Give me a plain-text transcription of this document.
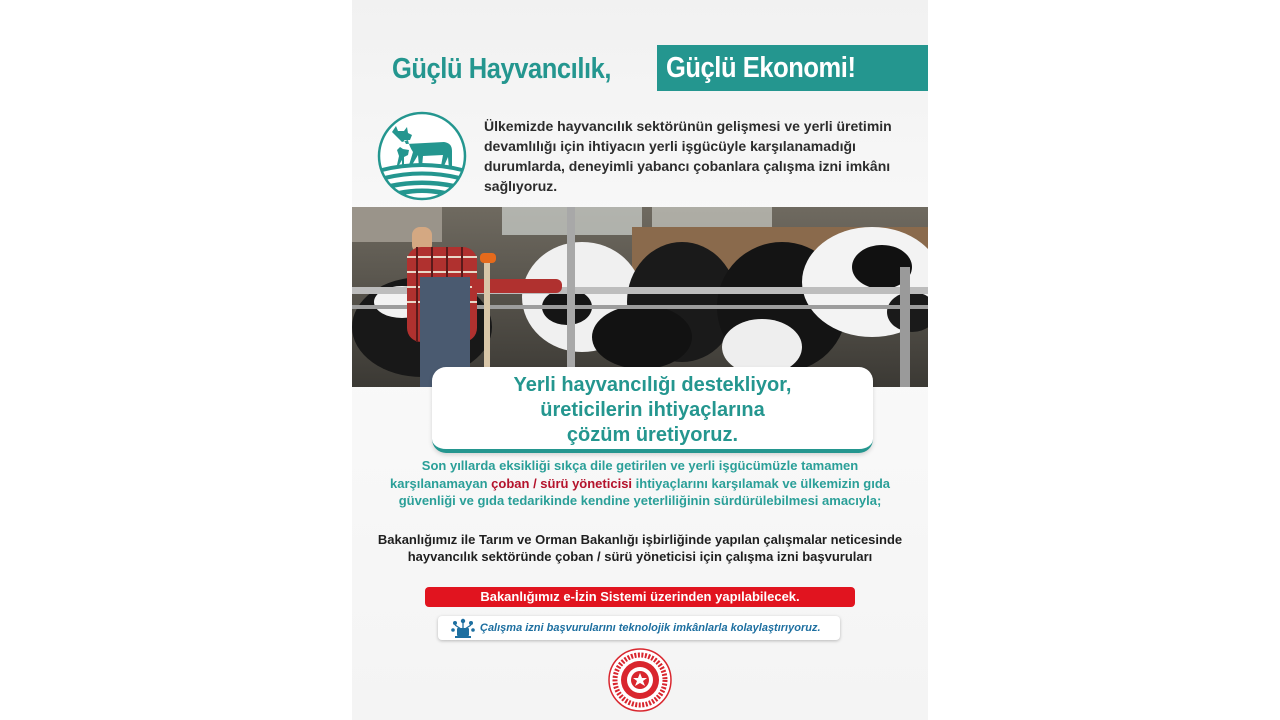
Güçlü Hayvancılık, Güçlü Ekonomi!

Ülkemizde hayvancılık sektörünün gelişmesi ve yerli üretimin devamlılığı için ihtiyacın yerli işgücüyle karşılanamadığı durumlarda, deneyimli yabancı çobanlara çalışma izni imkânı sağlıyoruz.

Yerli hayvancılığı destekliyor,
üreticilerin ihtiyaçlarına
çözüm üretiyoruz.

Son yıllarda eksikliği sıkça dile getirilen ve yerli işgücümüzle tamamen karşılanamayan çoban / sürü yöneticisi ihtiyaçlarını karşılamak ve ülkemizin gıda güvenliği ve gıda tedarikinde kendine yeterliliğinin sürdürülebilmesi amacıyla;

Bakanlığımız ile Tarım ve Orman Bakanlığı işbirliğinde yapılan çalışmalar neticesinde hayvancılık sektöründe çoban / sürü yöneticisi için çalışma izni başvuruları

Bakanlığımız e-İzin Sistemi üzerinden yapılabilecek.
Çalışma izni başvurularını teknolojik imkânlarla kolaylaştırıyoruz.
